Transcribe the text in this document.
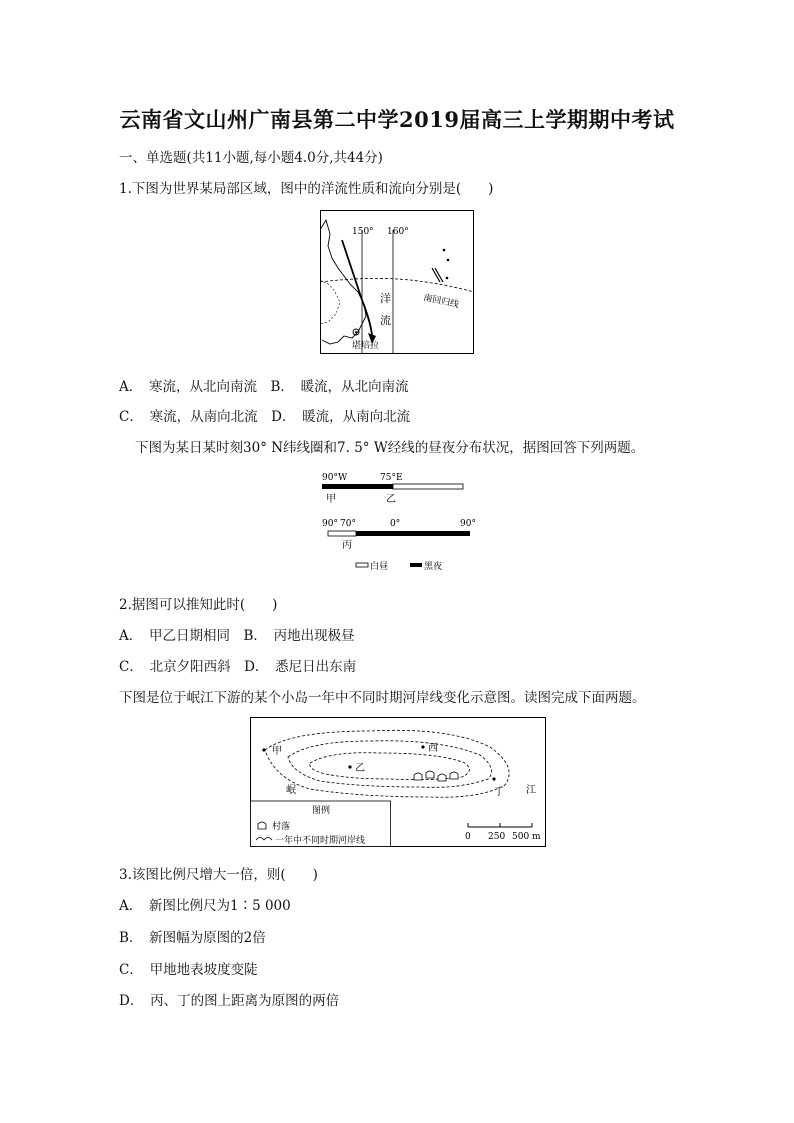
云南省文山州广南县第二中学2019届高三上学期期中考试
一、单选题(共11小题,每小题4.0分,共44分)
1.下图为世界某局部区域，图中的洋流性质和流向分别是(　　)
150° 160°
洋
流
南回归线
堪培拉
A．　寒流，从北向南流　B．　暖流，从北向南流
C．　寒流，从南向北流　D．　暖流，从南向北流
下图为某日某时刻30° N纬线圈和7. 5° W经线的昼夜分布状况，据图回答下列两题。
90°W	75°E
甲	乙
90° 70°	0°	90°
丙
白昼	黑夜
2.据图可以推知此时(　　)
A．　甲乙日期相同　B．　丙地出现极昼
C．　北京夕阳西斜　D．　悉尼日出东南
下图是位于岷江下游的某个小岛一年中不同时期河岸线变化示意图。读图完成下面两题。
甲	西
乙
丁
岷	江
图例
村落
一年中不同时期河岸线	0 250 500 m
3.该图比例尺增大一倍，则(　　)
A．　新图比例尺为1∶5 000
B．　新图幅为原图的2倍
C．　甲地地表坡度变陡
D．　丙、丁的图上距离为原图的两倍
